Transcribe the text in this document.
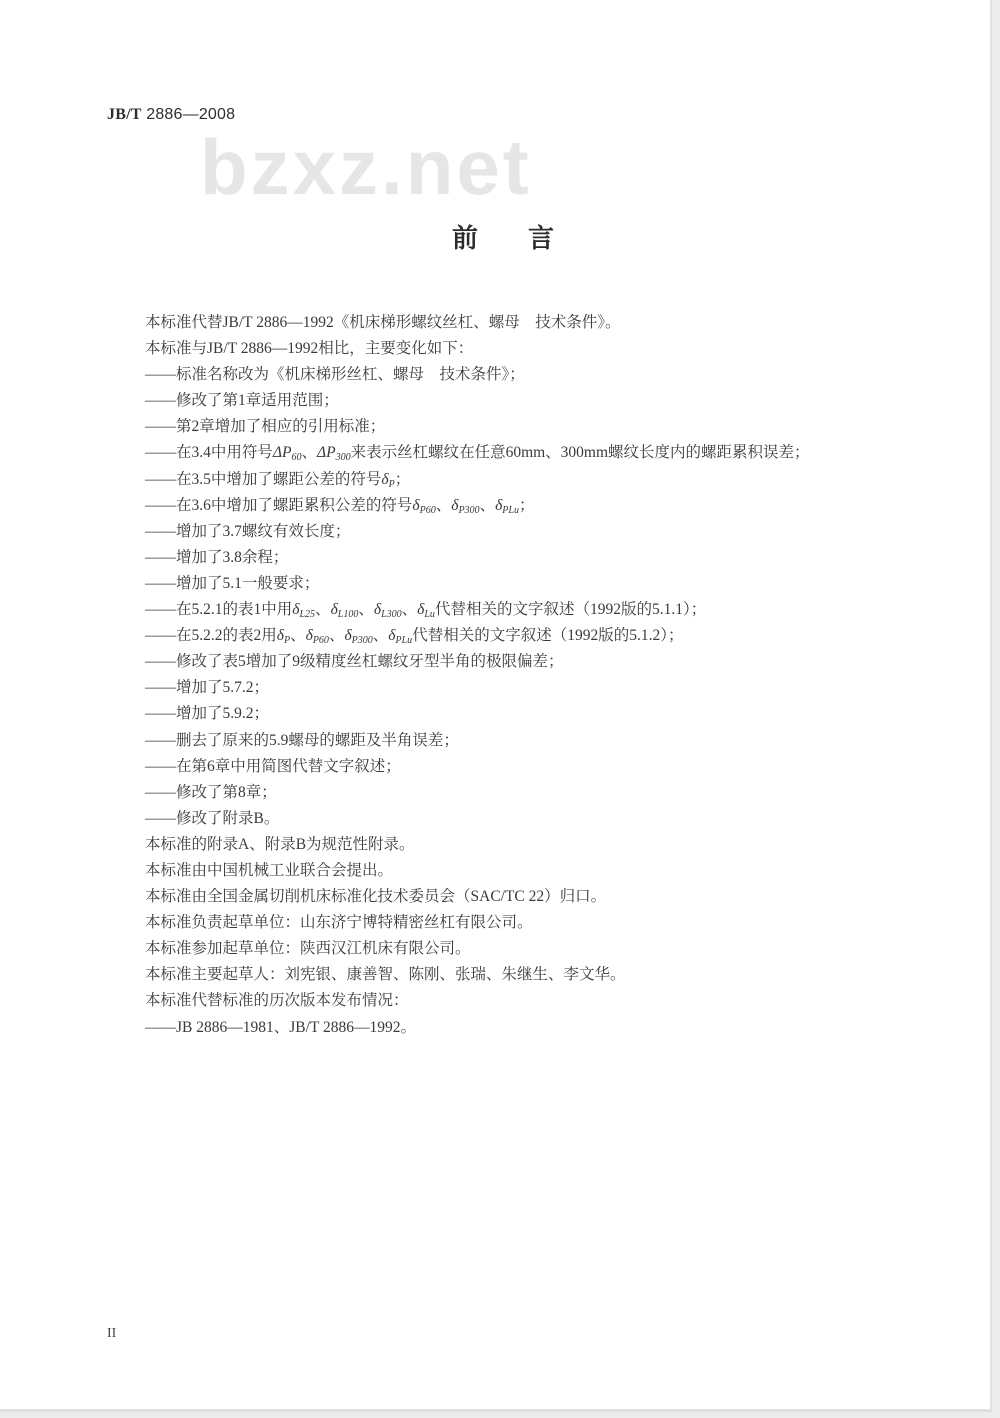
JB/T 2886—2008
bzxz.net
前言
本标准代替JB/T 2886—1992《机床梯形螺纹丝杠、螺母　技术条件》。
本标准与JB/T 2886—1992相比，主要变化如下：
——标准名称改为《机床梯形丝杠、螺母　技术条件》；
——修改了第1章适用范围；
——第2章增加了相应的引用标准；
——在3.4中用符号$\Delta P_{60}$、$\Delta P_{300}$来表示丝杠螺纹在任意60mm、300mm螺纹长度内的螺距累积误差；
——在3.5中增加了螺距公差的符号$\delta_P$；
——在3.6中增加了螺距累积公差的符号$\delta_{P60}$、$\delta_{P300}$、$\delta_{PLu}$；
——增加了3.7螺纹有效长度；
——增加了3.8余程；
——增加了5.1一般要求；
——在5.2.1的表1中用$\delta_{L25}$、$\delta_{L100}$、$\delta_{L300}$、$\delta_{Lu}$代替相关的文字叙述（1992版的5.1.1）；
——在5.2.2的表2用$\delta_P$、$\delta_{P60}$、$\delta_{P300}$、$\delta_{PLu}$代替相关的文字叙述（1992版的5.1.2）；
——修改了表5增加了9级精度丝杠螺纹牙型半角的极限偏差；
——增加了5.7.2；
——增加了5.9.2；
——删去了原来的5.9螺母的螺距及半角误差；
——在第6章中用简图代替文字叙述；
——修改了第8章；
——修改了附录B。
本标准的附录A、附录B为规范性附录。
本标准由中国机械工业联合会提出。
本标准由全国金属切削机床标准化技术委员会（SAC/TC 22）归口。
本标准负责起草单位：山东济宁博特精密丝杠有限公司。
本标准参加起草单位：陕西汉江机床有限公司。
本标准主要起草人：刘宪银、康善智、陈刚、张瑞、朱继生、李文华。
本标准代替标准的历次版本发布情况：
——JB 2886—1981、JB/T 2886—1992。
II
